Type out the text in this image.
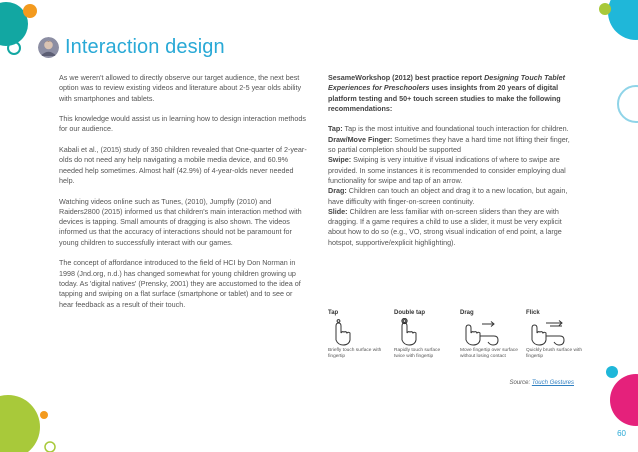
Interaction design

As we weren't allowed to directly observe our target audience, the next best option was to review existing videos and literature about 2-5 year olds ability with smartphones and tablets.

This knowledge would assist us in learning how to design interaction methods for our audience.

Kabali et al., (2015) study of 350 children revealed that One-quarter of 2-year-olds do not need any help navigating a mobile media device, and 60.9% needed help sometimes. Almost half (42.9%) of 4-year-olds never needed help.

Watching videos online such as Tunes, (2010), Jumpfly (2010) and Raiders2800 (2015) informed us that children's main interaction method with devices is tapping. Small amounts of dragging is also shown. The videos informed us that the accuracy of interactions should not be paramount for young children to successfully interact with our games.

The concept of affordance introduced to the field of HCI by Don Norman in 1998 (Jnd.org, n.d.) has changed somewhat for young children growing up today. As 'digital natives' (Prensky, 2001) they are accustomed to the idea of tapping and swiping on a flat surface (smartphone or tablet) and to see or hear feedback as a result of their touch.

SesameWorkshop (2012) best practice report Designing Touch Tablet Experiences for Preschoolers uses insights from 20 years of digital platform testing and 50+ touch screen studies to make the following recommendations:

Tap: Tap is the most intuitive and foundational touch interaction for children.

Draw/Move Finger: Sometimes they have a hard time not lifting their finger, so partial completion should be supported

Swipe: Swiping is very intuitive if visual indications of where to swipe are provided. In some instances it is recommended to consider employing dual functionality for swipe and tap of an arrow.

Drag: Children can touch an object and drag it to a new location, but again, have difficulty with finger-on-screen continuity.

Slide: Children are less familiar with on-screen sliders than they are with dragging. If a game requires a child to use a slider, it must be very explicit about how to do so (e.g., VO, strong visual indication of end point, a large hotspot, supportive/explicit highlighting).

Tap
Briefly touch surface with fingertip
Double tap
Rapidly touch surface twice with fingertip
Drag
Move fingertip over surface without losing contact
Flick
Quickly brush surface with fingertip
Source: Touch Gestures
60
